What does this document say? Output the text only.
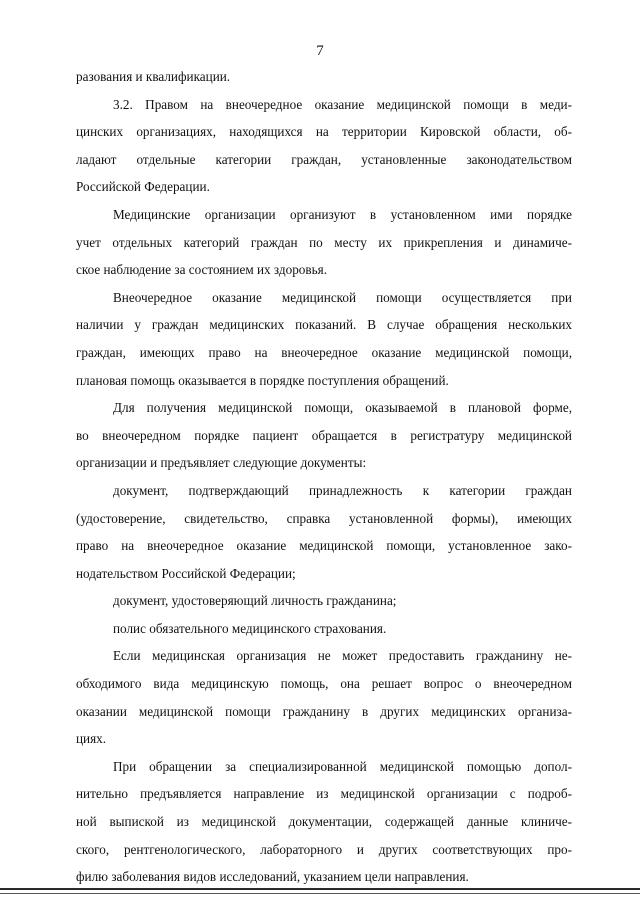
7
разования и квалификации.
3.2. Правом на внеочередное оказание медицинской помощи в меди-
цинских организациях, находящихся на территории Кировской области, об-
ладают отдельные категории граждан, установленные законодательством
Российской Федерации.
Медицинские организации организуют в установленном ими порядке
учет отдельных категорий граждан по месту их прикрепления и динамиче-
ское наблюдение за состоянием их здоровья.
Внеочередное оказание медицинской помощи осуществляется при
наличии у граждан медицинских показаний. В случае обращения нескольких
граждан, имеющих право на внеочередное оказание медицинской помощи,
плановая помощь оказывается в порядке поступления обращений.
Для получения медицинской помощи, оказываемой в плановой форме,
во внеочередном порядке пациент обращается в регистратуру медицинской
организации и предъявляет следующие документы:
документ, подтверждающий принадлежность к категории граждан
(удостоверение, свидетельство, справка установленной формы), имеющих
право на внеочередное оказание медицинской помощи, установленное зако-
нодательством Российской Федерации;
документ, удостоверяющий личность гражданина;
полис обязательного медицинского страхования.
Если медицинская организация не может предоставить гражданину не-
обходимого вида медицинскую помощь, она решает вопрос о внеочередном
оказании медицинской помощи гражданину в других медицинских организа-
циях.
При обращении за специализированной медицинской помощью допол-
нительно предъявляется направление из медицинской организации с подроб-
ной выпиской из медицинской документации, содержащей данные клиниче-
ского, рентгенологического, лабораторного и других соответствующих про-
филю заболевания видов исследований, указанием цели направления.
